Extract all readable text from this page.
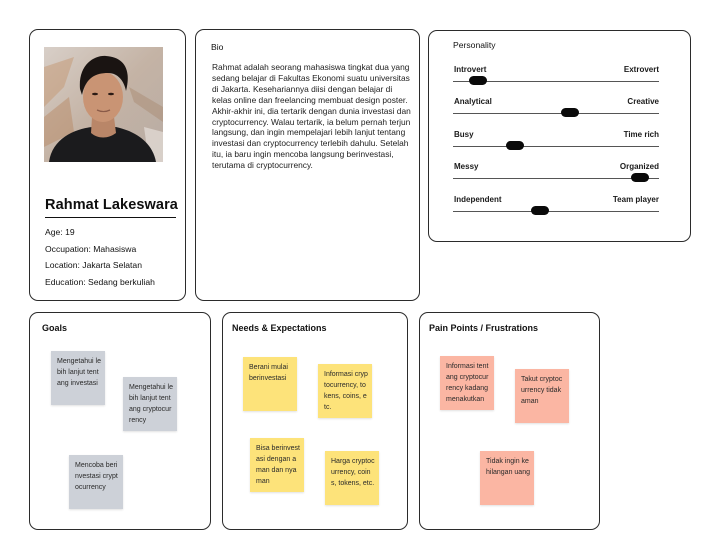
Rahmat Lakeswara
Age: 19
Occupation: Mahasiswa
Location: Jakarta Selatan
Education: Sedang berkuliah
Bio
Rahmat adalah seorang mahasiswa tingkat dua yang sedang belajar di Fakultas Ekonomi suatu universitas di Jakarta. Kesehariannya diisi dengan belajar di kelas online dan freelancing membuat design poster. Akhir-akhir ini, dia tertarik dengan dunia investasi dan cryptocurrency. Walau tertarik, ia belum pernah terjun langsung, dan ingin mempelajari lebih lanjut tentang investasi dan cryptocurrency terlebih dahulu. Setelah itu, ia baru ingin mencoba langsung berinvestasi, terutama di cryptocurrency.
Personality
Introvert	Extrovert
Analytical	Creative
Busy	Time rich
Messy	Organized
Independent	Team player
Goals
Mengetahui lebih lanjut tentang investasi
Mengetahui lebih lanjut tentang cryptocurrency
Mencoba berinvestasi cryptocurrency
Needs & Expectations
Berani mulai berinvestasi
Informasi cryptocurrency, tokens, coins, etc.
Bisa berinvestasi dengan aman dan nyaman
Harga cryptocurrency, coins, tokens, etc.
Pain Points / Frustrations
Informasi tentang cryptocurrency kadang menakutkan
Takut cryptocurrency tidak aman
Tidak ingin kehilangan uang
